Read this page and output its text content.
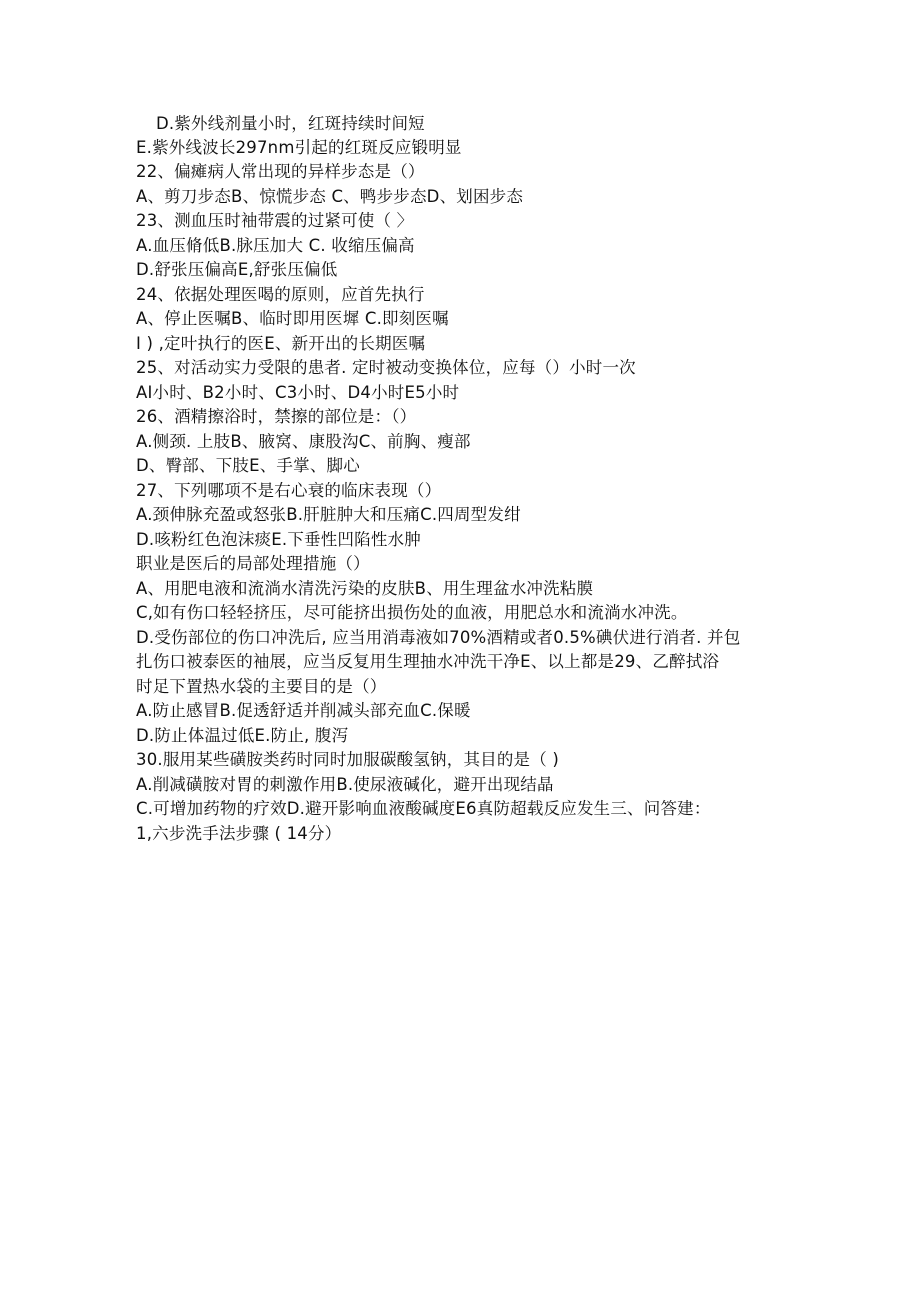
D.紫外线剂量小时，红斑持续时间短
E.紫外线波长297nm引起的红斑反应锻明显
22、偏瘫病人常出现的异样步态是（）
A、剪刀步态B、惊慌步态 C、鸭步步态D、划困步态
23、测血压时袖带震的过紧可使（ 〉
A.血压脩低B.脉压加大 C. 收缩压偏高
D.舒张压偏高E,舒张压偏低
24、依据处理医喝的原则，应首先执行
A、停止医嘱B、临时即用医墀 C.即刻医嘱
I ) ,定叶执行的医E、新开出的长期医嘱
25、对活动实力受限的患者. 定时被动变换体位，应每（）小时一次
AI小时、B2小时、C3小时、D4小时E5小时
26、酒精擦浴时，禁擦的部位是：（）
A.侧颈. 上肢B、腋窝、康股沟C、前胸、瘦部
D、臀部、下肢E、手掌、脚心
27、下列哪项不是右心衰的临床表现（）
A.颈伸脉充盈或怒张B.肝脏肿大和压痛C.四周型发绀
D.咳粉红色泡沫痰E.下垂性凹陷性水肿
职业是医后的局部处理措施（）
A、用肥电液和流淌水清洗污染的皮肤B、用生理盆水冲洗粘膜
C,如有伤口轻轻挤压，尽可能挤出损伤处的血液，用肥总水和流淌水冲洗。
D.受伤部位的伤口冲洗后, 应当用消毒液如70%酒精或者0.5%碘伏进行消者. 并包
扎伤口被泰医的袖展，应当反复用生理抽水冲洗干净E、以上都是29、乙醉拭浴
时足下置热水袋的主要目的是（）
A.防止感冒B.促透舒适并削减头部充血C.保暖
D.防止体温过低E.防止, 腹泻
30.服用某些磺胺类药时同时加服碳酸氢钠，其目的是（ )
A.削减磺胺对胃的刺激作用B.使尿液碱化，避开出现结晶
C.可增加药物的疗效D.避开影响血液酸碱度E6真防超载反应发生三、问答建：
1,六步洗手法步骤 ( 14分）
